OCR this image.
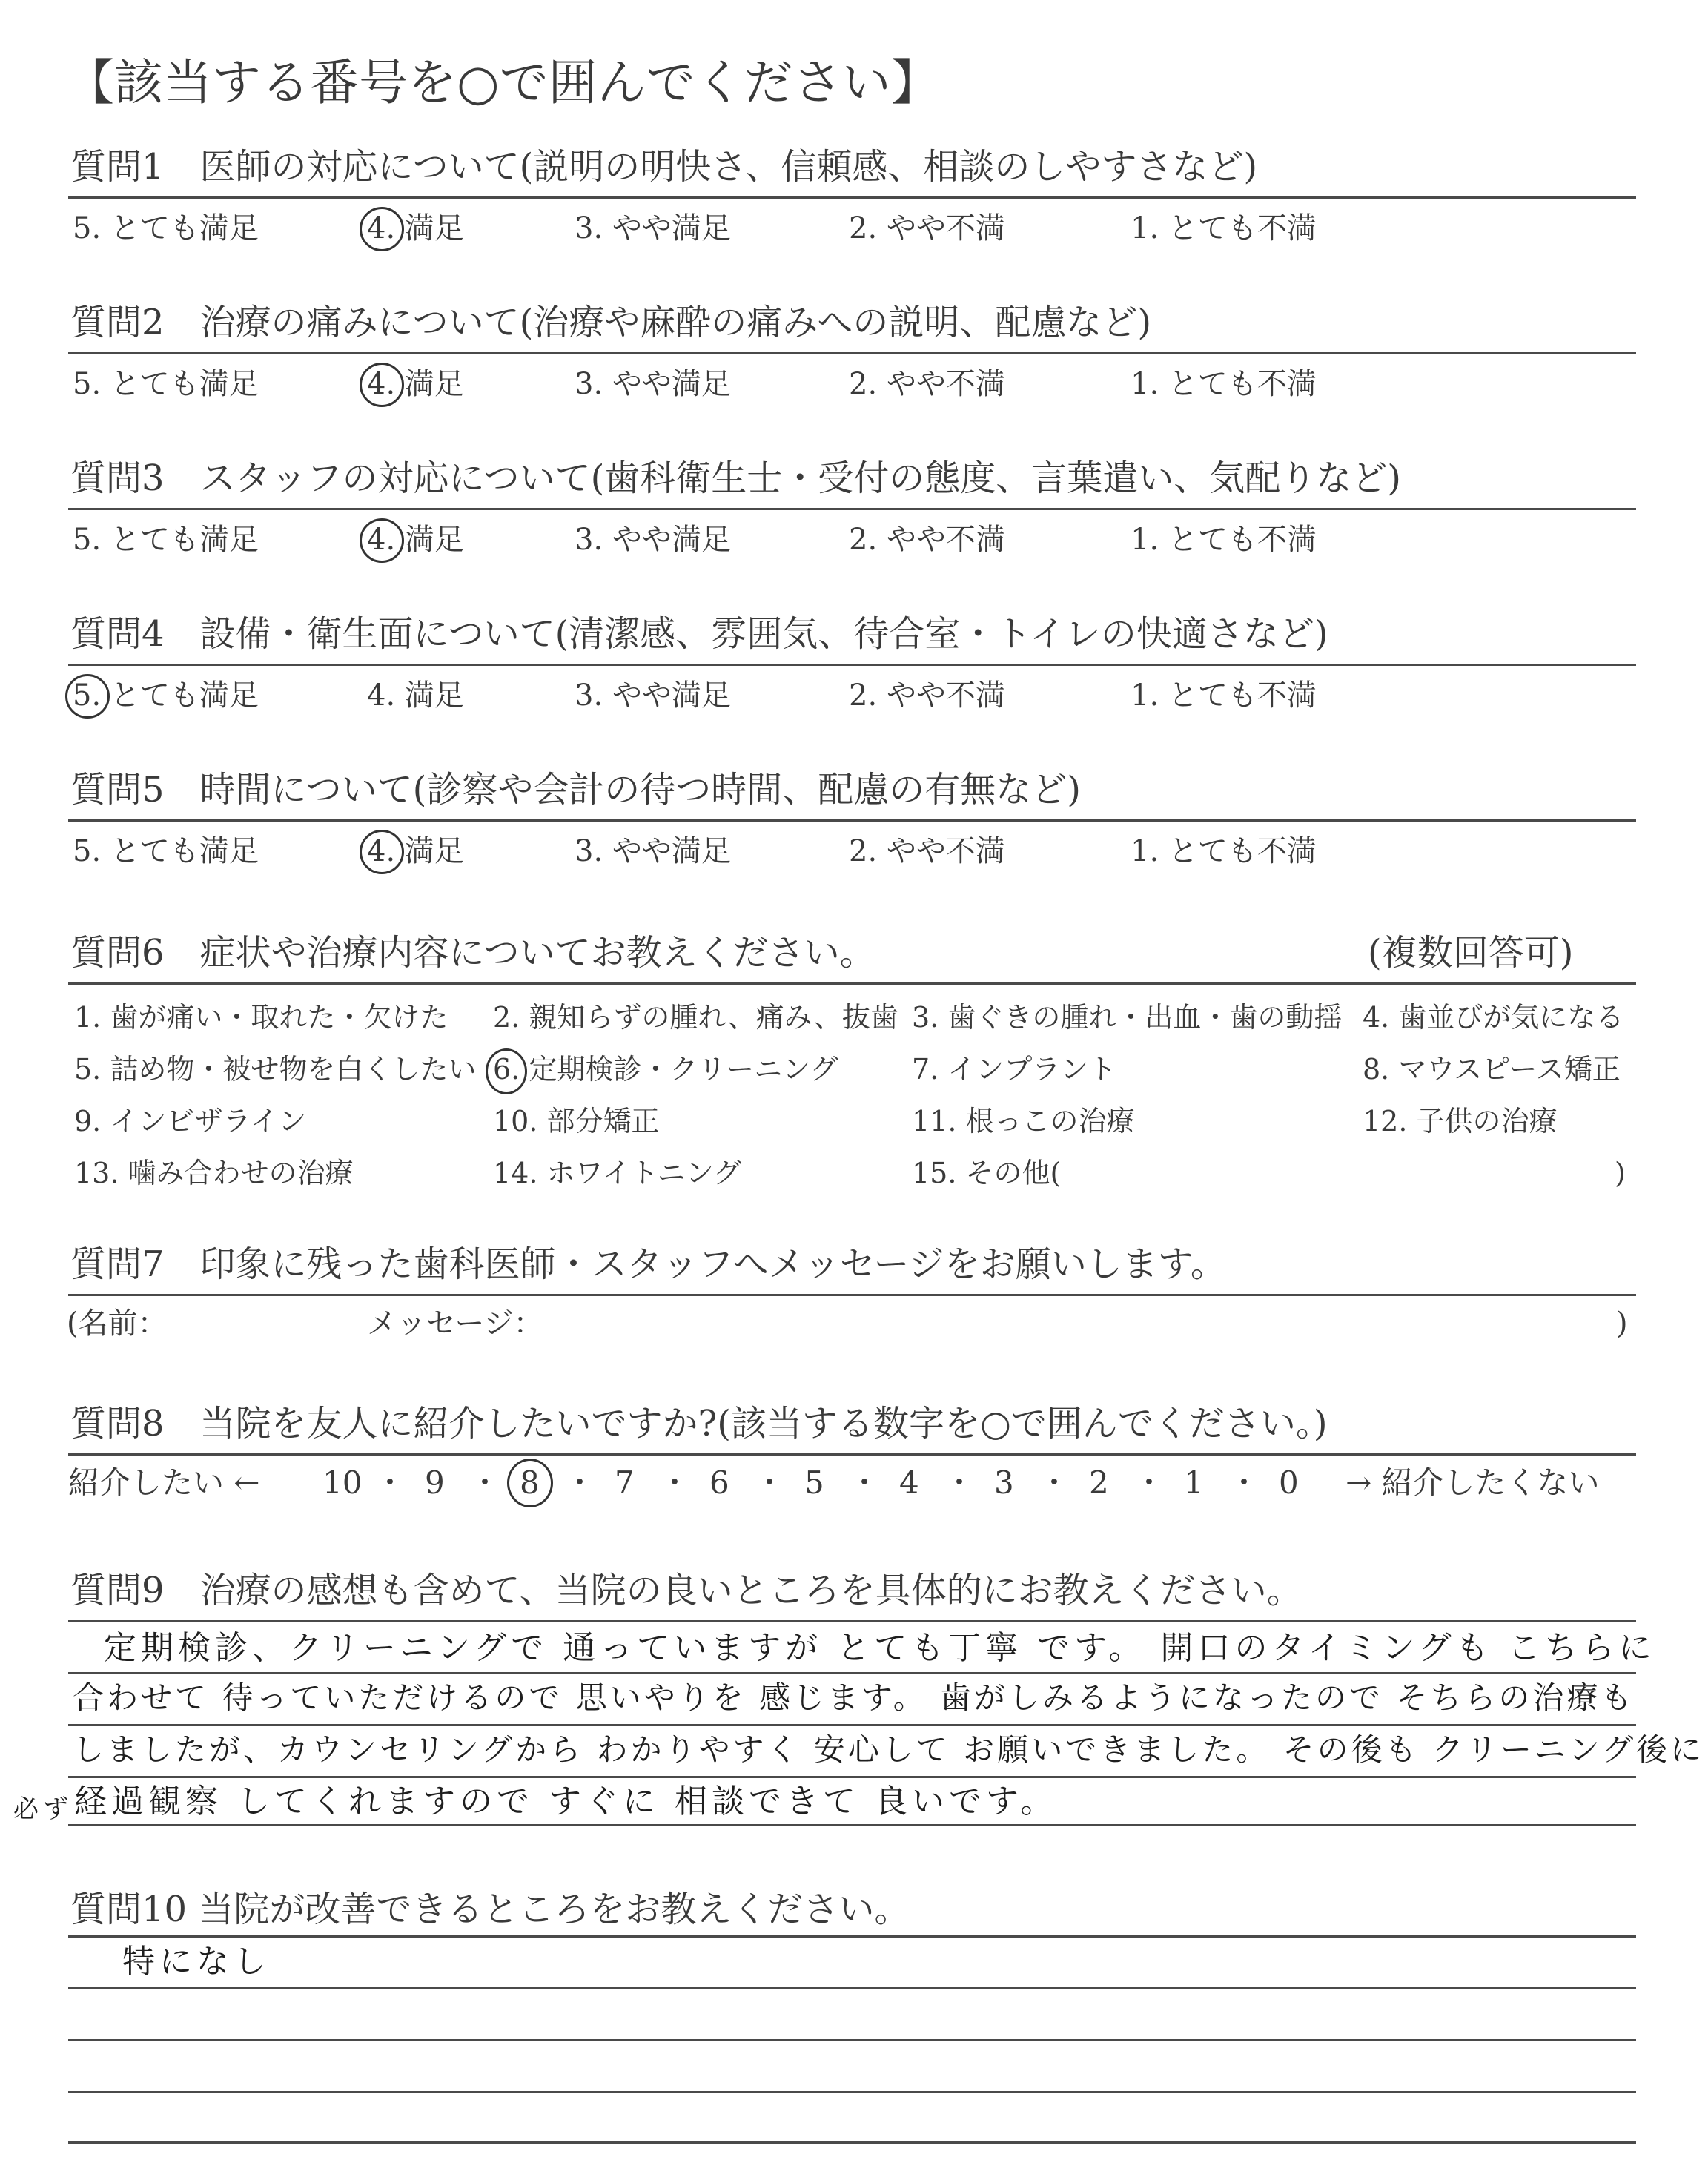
【該当する番号を○で囲んでください】
質問1　医師の対応について(説明の明快さ、信頼感、相談のしやすさなど)
5. とても満足	4. 満足	3. やや満足	2. やや不満	1. とても不満
質問2　治療の痛みについて(治療や麻酔の痛みへの説明、配慮など)
5. とても満足	4. 満足	3. やや満足	2. やや不満	1. とても不満
質問3　スタッフの対応について(歯科衛生士・受付の態度、言葉遣い、気配りなど)
5. とても満足	4. 満足	3. やや満足	2. やや不満	1. とても不満
質問4　設備・衛生面について(清潔感、雰囲気、待合室・トイレの快適さなど)
5. とても満足	4. 満足	3. やや満足	2. やや不満	1. とても不満
質問5　時間について(診察や会計の待つ時間、配慮の有無など)
5. とても満足	4. 満足	3. やや満足	2. やや不満	1. とても不満
質問6　症状や治療内容についてお教えください。	(複数回答可)
1. 歯が痛い・取れた・欠けた 2. 親知らずの腫れ、痛み、抜歯 3. 歯ぐきの腫れ・出血・歯の動揺 4. 歯並びが気になる
5. 詰め物・被せ物を白くしたい 6. 定期検診・クリーニング	7. インプラント	8. マウスピース矯正
9. インビザライン	10. 部分矯正	11. 根っこの治療	12. 子供の治療
13. 噛み合わせの治療	14. ホワイトニング	15. その他(	)
質問7　印象に残った歯科医師・スタッフへメッセージをお願いします。
(名前：	メッセージ：	)
質問8　当院を友人に紹介したいですか?(該当する数字を○で囲んでください。)
紹介したい ←	→ 紹介したくない
10 ・ 9 ・ 8 ・ 7 ・ 6 ・ 5 ・ 4 ・ 3 ・ 2 ・ 1 ・ 0
質問9　治療の感想も含めて、当院の良いところを具体的にお教えください。
定期検診、クリーニングで 通っていますが とても丁寧 です。 開口のタイミングも こちらに
合わせて 待っていただけるので 思いやりを 感じます。 歯がしみるようになったので そちらの治療も
しましたが、カウンセリングから わかりやすく 安心して お願いできました。 その後も クリーニング後に
必ず 経過観察 してくれますので すぐに 相談できて 良いです。
質問10 当院が改善できるところをお教えください。
特になし
